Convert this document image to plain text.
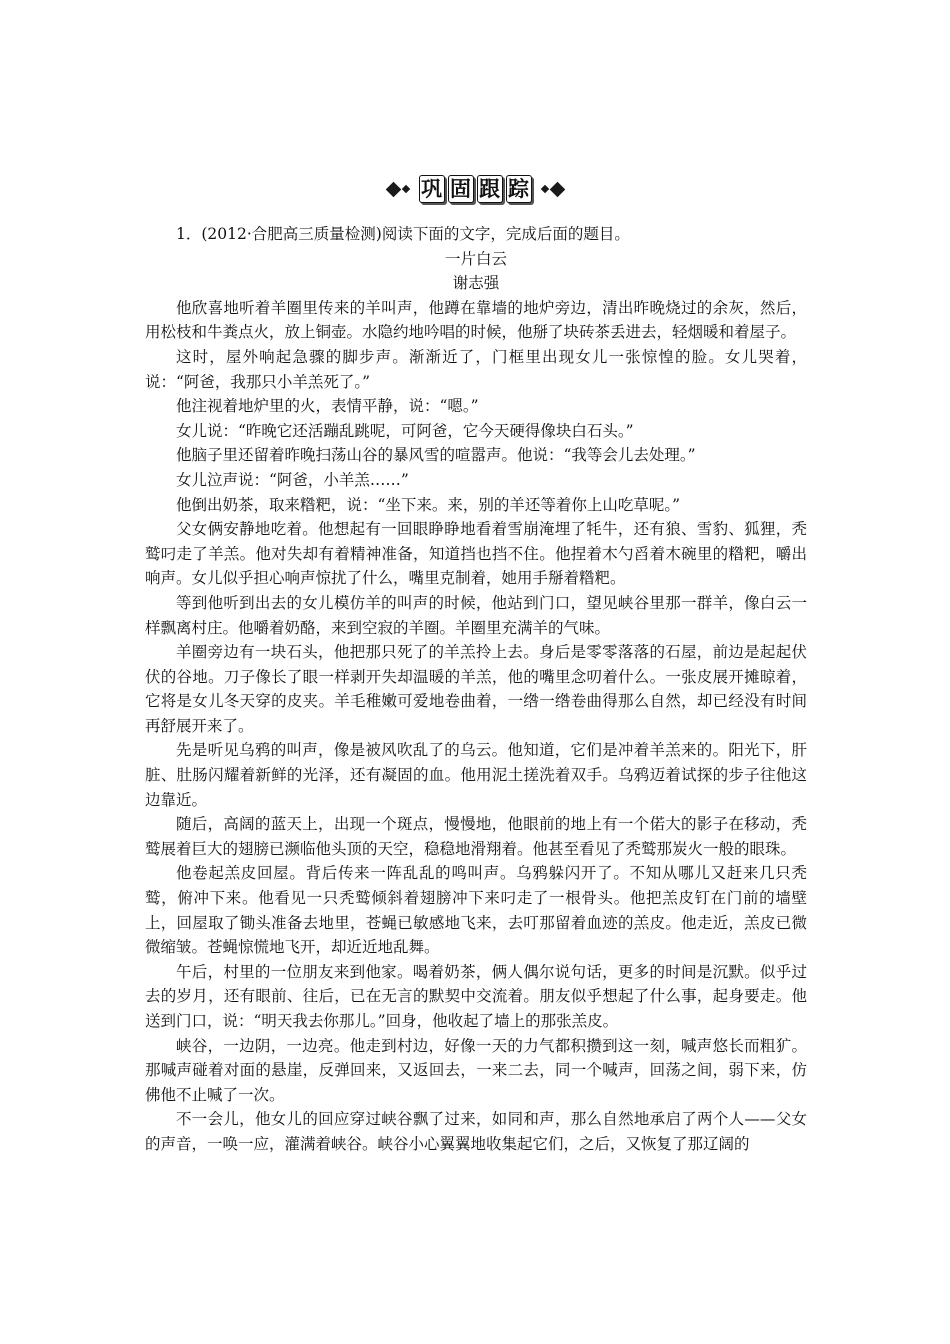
巩 固 跟 踪

1．(2012·合肥高三质量检测)阅读下面的文字，完成后面的题目。

一片白云

谢志强

他欣喜地听着羊圈里传来的羊叫声，他蹲在靠墙的地炉旁边，清出昨晚烧过的余灰，然后，用松枝和牛粪点火，放上铜壶。水隐约地吟唱的时候，他掰了块砖茶丢进去，轻烟暖和着屋子。

这时，屋外响起急骤的脚步声。渐渐近了，门框里出现女儿一张惊惶的脸。女儿哭着，说：“阿爸，我那只小羊羔死了。”

他注视着地炉里的火，表情平静，说：“嗯。”

女儿说：“昨晚它还活蹦乱跳呢，可阿爸，它今天硬得像块白石头。”

他脑子里还留着昨晚扫荡山谷的暴风雪的喧嚣声。他说：“我等会儿去处理。”

女儿泣声说：“阿爸，小羊羔……”

他倒出奶茶，取来糌粑，说：“坐下来。来，别的羊还等着你上山吃草呢。”

父女俩安静地吃着。他想起有一回眼睁睁地看着雪崩淹埋了牦牛，还有狼、雪豹、狐狸，秃鹫叼走了羊羔。他对失却有着精神准备，知道挡也挡不住。他捏着木勺舀着木碗里的糌粑，嚼出响声。女儿似乎担心响声惊扰了什么，嘴里克制着，她用手掰着糌粑。

等到他听到出去的女儿模仿羊的叫声的时候，他站到门口，望见峡谷里那一群羊，像白云一样飘离村庄。他嚼着奶酪，来到空寂的羊圈。羊圈里充满羊的气味。

羊圈旁边有一块石头，他把那只死了的羊羔拎上去。身后是零零落落的石屋，前边是起起伏伏的谷地。刀子像长了眼一样剥开失却温暖的羊羔，他的嘴里念叨着什么。一张皮展开摊晾着，它将是女儿冬天穿的皮夹。羊毛稚嫩可爱地卷曲着，一绺一绺卷曲得那么自然，却已经没有时间再舒展开来了。

先是听见乌鸦的叫声，像是被风吹乱了的乌云。他知道，它们是冲着羊羔来的。阳光下，肝脏、肚肠闪耀着新鲜的光泽，还有凝固的血。他用泥土搓洗着双手。乌鸦迈着试探的步子往他这边靠近。

随后，高阔的蓝天上，出现一个斑点，慢慢地，他眼前的地上有一个偌大的影子在移动，秃鹫展着巨大的翅膀已濒临他头顶的天空，稳稳地滑翔着。他甚至看见了秃鹫那炭火一般的眼珠。

他卷起羔皮回屋。背后传来一阵乱乱的鸣叫声。乌鸦躲闪开了。不知从哪儿又赶来几只秃鹫，俯冲下来。他看见一只秃鹫倾斜着翅膀冲下来叼走了一根骨头。他把羔皮钉在门前的墙壁上，回屋取了锄头准备去地里，苍蝇已敏感地飞来，去叮那留着血迹的羔皮。他走近，羔皮已微微缩皱。苍蝇惊慌地飞开，却近近地乱舞。

午后，村里的一位朋友来到他家。喝着奶茶，俩人偶尔说句话，更多的时间是沉默。似乎过去的岁月，还有眼前、往后，已在无言的默契中交流着。朋友似乎想起了什么事，起身要走。他送到门口，说：“明天我去你那儿。”回身，他收起了墙上的那张羔皮。

峡谷，一边阴，一边亮。他走到村边，好像一天的力气都积攒到这一刻，喊声悠长而粗犷。那喊声碰着对面的悬崖，反弹回来，又返回去，一来二去，同一个喊声，回荡之间，弱下来，仿佛他不止喊了一次。

不一会儿，他女儿的回应穿过峡谷飘了过来，如同和声，那么自然地承启了两个人——父女的声音，一唤一应，灌满着峡谷。峡谷小心翼翼地收集起它们，之后，又恢复了那辽阔的
